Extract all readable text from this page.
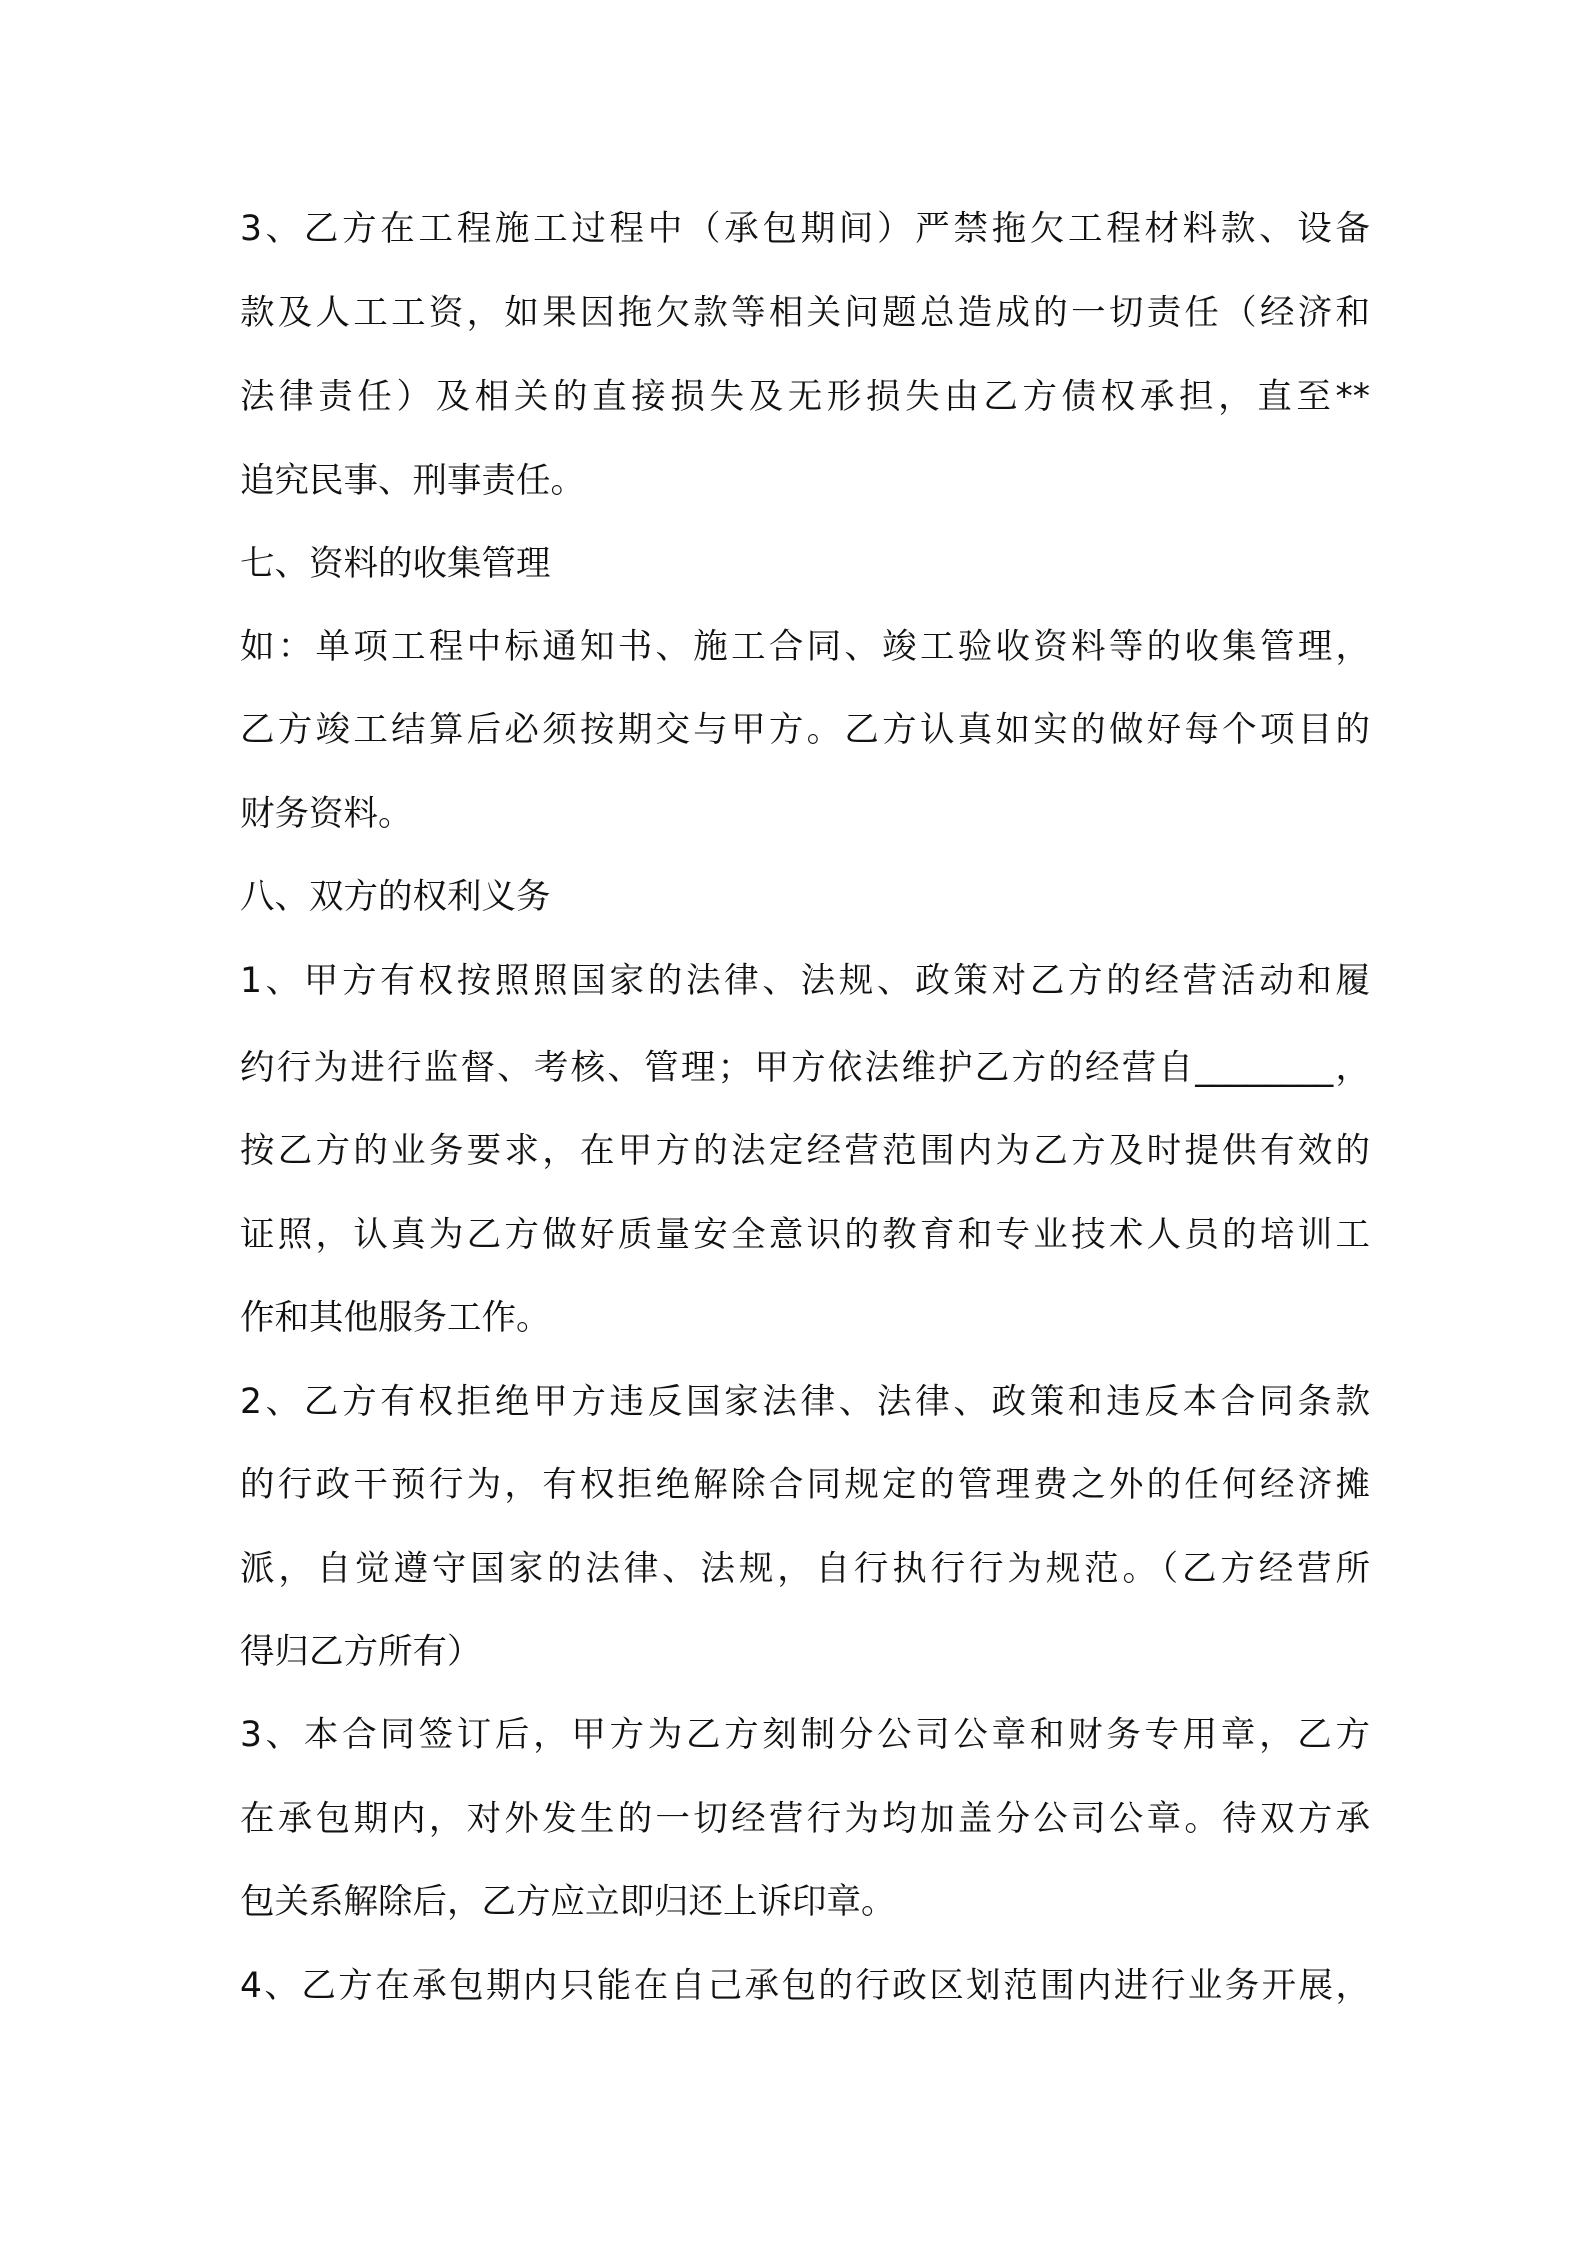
3、乙方在工程施工过程中（承包期间）严禁拖欠工程材料款、设备

款及人工工资，如果因拖欠款等相关问题总造成的一切责任（经济和

法律责任）及相关的直接损失及无形损失由乙方债权承担，直至**

追究民事、刑事责任。

七、资料的收集管理

如：单项工程中标通知书、施工合同、竣工验收资料等的收集管理，

乙方竣工结算后必须按期交与甲方。乙方认真如实的做好每个项目的

财务资料。

八、双方的权利义务

1、甲方有权按照照国家的法律、法规、政策对乙方的经营活动和履

约行为进行监督、考核、管理；甲方依法维护乙方的经营自________，

按乙方的业务要求，在甲方的法定经营范围内为乙方及时提供有效的

证照，认真为乙方做好质量安全意识的教育和专业技术人员的培训工

作和其他服务工作。

2、乙方有权拒绝甲方违反国家法律、法律、政策和违反本合同条款

的行政干预行为，有权拒绝解除合同规定的管理费之外的任何经济摊

派，自觉遵守国家的法律、法规，自行执行行为规范。（乙方经营所

得归乙方所有）

3、本合同签订后，甲方为乙方刻制分公司公章和财务专用章，乙方

在承包期内，对外发生的一切经营行为均加盖分公司公章。待双方承

包关系解除后，乙方应立即归还上诉印章。

4、乙方在承包期内只能在自己承包的行政区划范围内进行业务开展，
